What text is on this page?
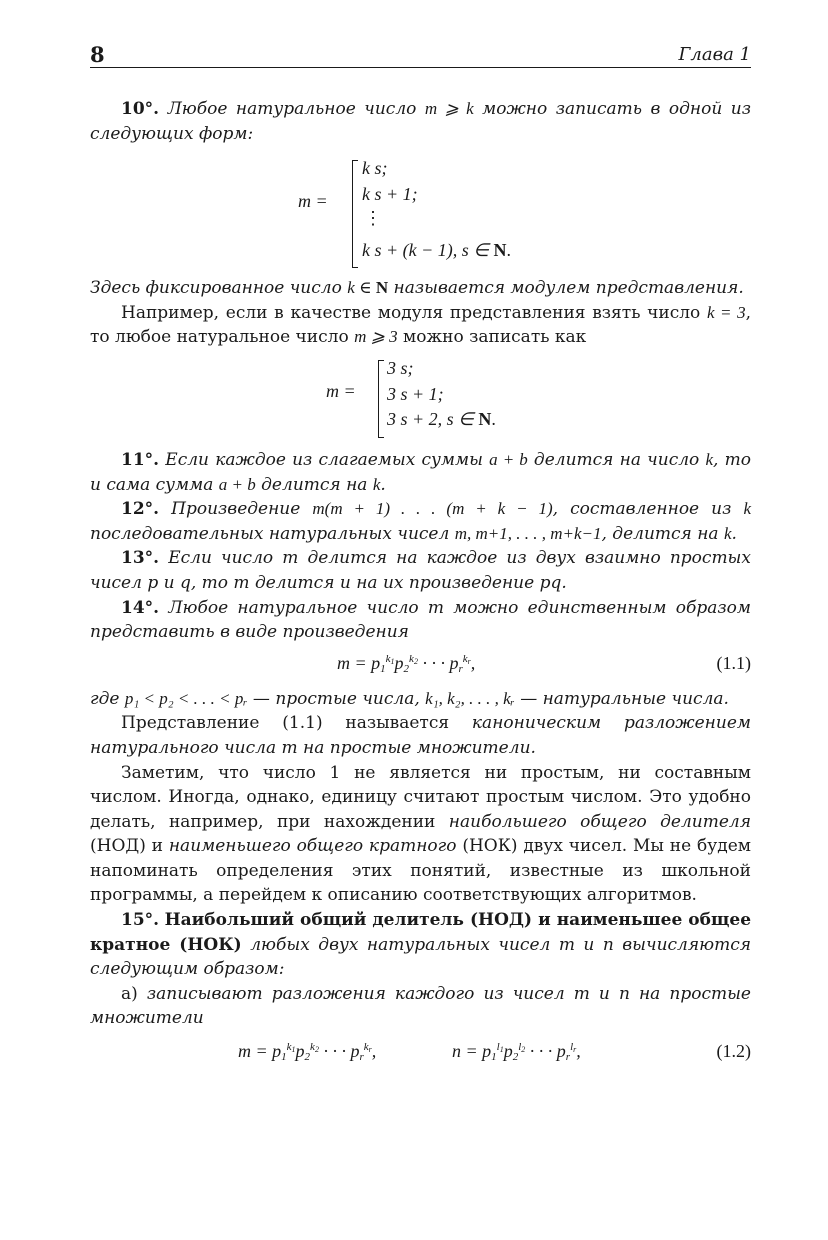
8	Глава 1

10°. Любое натуральное число m ⩾ k можно записать в одной из следующих форм:

m =
k s;
k s + 1;
⋮
k s + (k − 1), s ∈ N.

Здесь фиксированное число k ∈ N называется модулем представления.

Например, если в качестве модуля представления взять число k = 3, то любое натуральное число m ⩾ 3 можно записать как

m =
3 s;
3 s + 1;
3 s + 2, s ∈ N.

11°. Если каждое из слагаемых суммы a + b делится на число k, то и сама сумма a + b делится на k.

12°. Произведение m(m + 1) . . . (m + k − 1), составленное из k последовательных натуральных чисел m, m+1, . . . , m+k−1, делится на k.

13°. Если число m делится на каждое из двух взаимно простых чисел p и q, то m делится и на их произведение pq.

14°. Любое натуральное число m можно единственным образом представить в виде произведения

$m = p_1^{k_1}p_2^{k_2}$ · · · $p_r^{k_r}$,	(1.1)

где p₁ < p₂ < . . . < pᵣ — простые числа, k₁, k₂, . . . , kᵣ — натуральные числа.

Представление (1.1) называется каноническим разложением натурального числа m на простые множители.

Заметим, что число 1 не является ни простым, ни составным числом. Иногда, однако, единицу считают простым числом. Это удобно делать, например, при нахождении наибольшего общего делителя (НОД) и наименьшего общего кратного (НОК) двух чисел. Мы не будем напоминать определения этих понятий, известные из школьной программы, а перейдем к описанию соответствующих алгоритмов.

15°. Наибольший общий делитель (НОД) и наименьшее общее кратное (НОК) любых двух натуральных чисел m и n вычисляются следующим образом:

а) записывают разложения каждого из чисел m и n на простые множители

$m = p_1^{k_1}p_2^{k_2}$ · · · $p_r^{k_r}$,	$n = p_1^{l_1}p_2^{l_2}$ · · · $p_r^{l_r}$,	(1.2)
